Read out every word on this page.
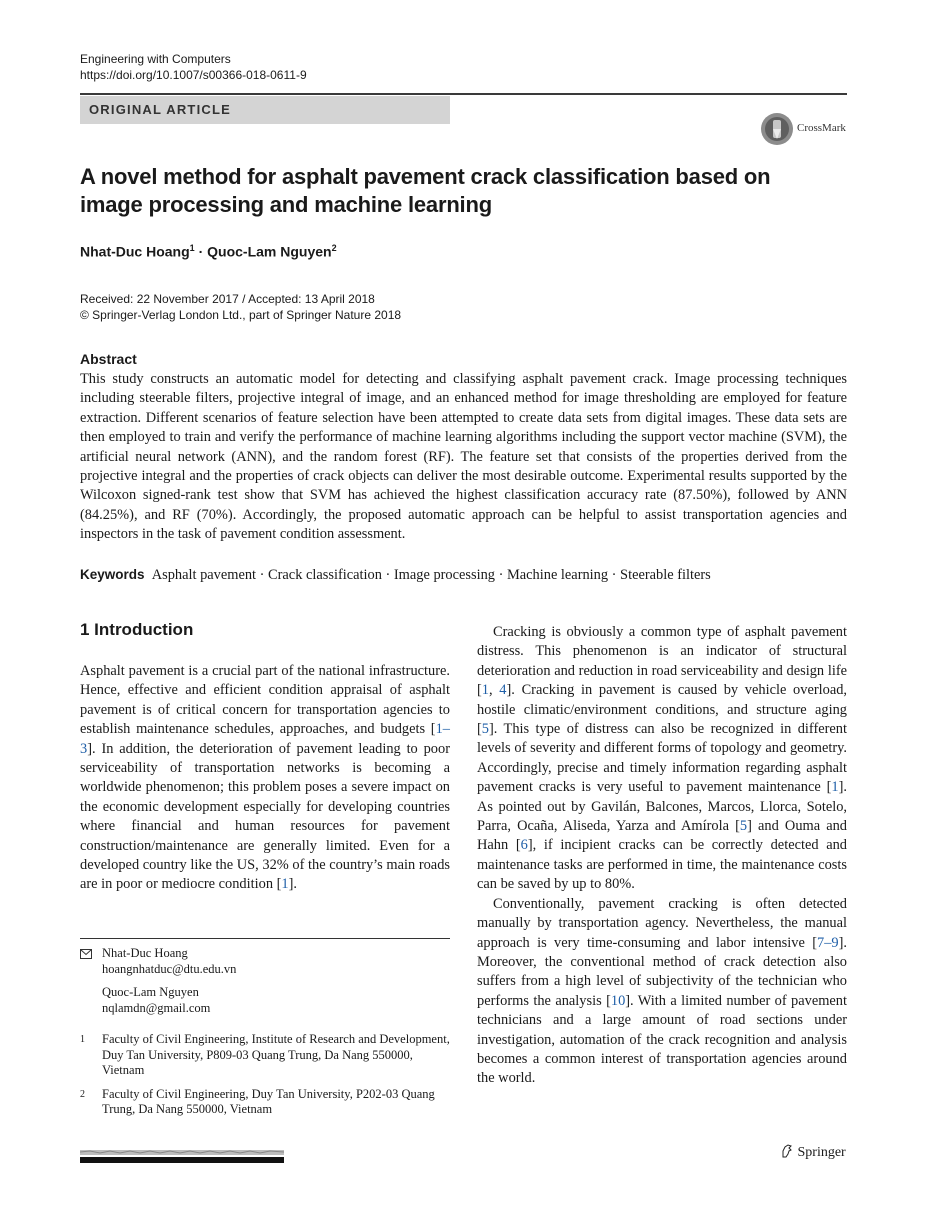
Engineering with Computers
https://doi.org/10.1007/s00366-018-0611-9
ORIGINAL ARTICLE
CrossMark
A novel method for asphalt pavement crack classification based on image processing and machine learning
Nhat-Duc Hoang$^1$ · Quoc-Lam Nguyen$^2$
Received: 22 November 2017 / Accepted: 13 April 2018
© Springer-Verlag London Ltd., part of Springer Nature 2018
Abstract
This study constructs an automatic model for detecting and classifying asphalt pavement crack. Image processing techniques including steerable filters, projective integral of image, and an enhanced method for image thresholding are employed for feature extraction. Different scenarios of feature selection have been attempted to create data sets from digital images. These data sets are then employed to train and verify the performance of machine learning algorithms including the support vector machine (SVM), the artificial neural network (ANN), and the random forest (RF). The feature set that consists of the properties derived from the projective integral and the properties of crack objects can deliver the most desirable outcome. Experimental results supported by the Wilcoxon signed-rank test show that SVM has achieved the highest classification accuracy rate (87.50%), followed by ANN (84.25%), and RF (70%). Accordingly, the proposed automatic approach can be helpful to assist transportation agencies and inspectors in the task of pavement condition assessment.
Keywords Asphalt pavement · Crack classification · Image processing · Machine learning · Steerable filters
1 Introduction

Asphalt pavement is a crucial part of the national infrastructure. Hence, effective and efficient condition appraisal of asphalt pavement is of critical concern for transportation agencies to establish maintenance schedules, approaches, and budgets [1–3]. In addition, the deterioration of pavement leading to poor serviceability of transportation networks is becoming a worldwide phenomenon; this problem poses a severe impact on the economic development especially for developing countries where financial and human resources for pavement construction/maintenance are generally limited. Even for a developed country like the US, 32% of the country’s main roads are in poor or mediocre condition [1].

Cracking is obviously a common type of asphalt pavement distress. This phenomenon is an indicator of structural deterioration and reduction in road serviceability and design life [1, 4]. Cracking in pavement is caused by vehicle overload, hostile climatic/environment conditions, and structure aging [5]. This type of distress can also be recognized in different levels of severity and different forms of topology and geometry. Accordingly, precise and timely information regarding asphalt pavement cracks is very useful to pavement maintenance [1]. As pointed out by Gavilán, Balcones, Marcos, Llorca, Sotelo, Parra, Ocaña, Aliseda, Yarza and Amírola [5] and Ouma and Hahn [6], if incipient cracks can be correctly detected and maintenance tasks are performed in time, the maintenance costs can be saved by up to 80%.

Conventionally, pavement cracking is often detected manually by transportation agency. Nevertheless, the manual approach is very time-consuming and labor intensive [7–9]. Moreover, the conventional method of crack detection also suffers from a high level of subjectivity of the technician who performs the analysis [10]. With a limited number of pavement technicians and a large amount of road sections under investigation, automation of the crack recognition and analysis becomes a common interest of transportation agencies around the world.

Nhat-Duc Hoang
hoangnhatduc@dtu.edu.vn
Quoc-Lam Nguyen
nqlamdn@gmail.com
1 Faculty of Civil Engineering, Institute of Research and Development, Duy Tan University, P809-03 Quang Trung, Da Nang 550000, Vietnam
2 Faculty of Civil Engineering, Duy Tan University, P202-03 Quang Trung, Da Nang 550000, Vietnam
Springer
